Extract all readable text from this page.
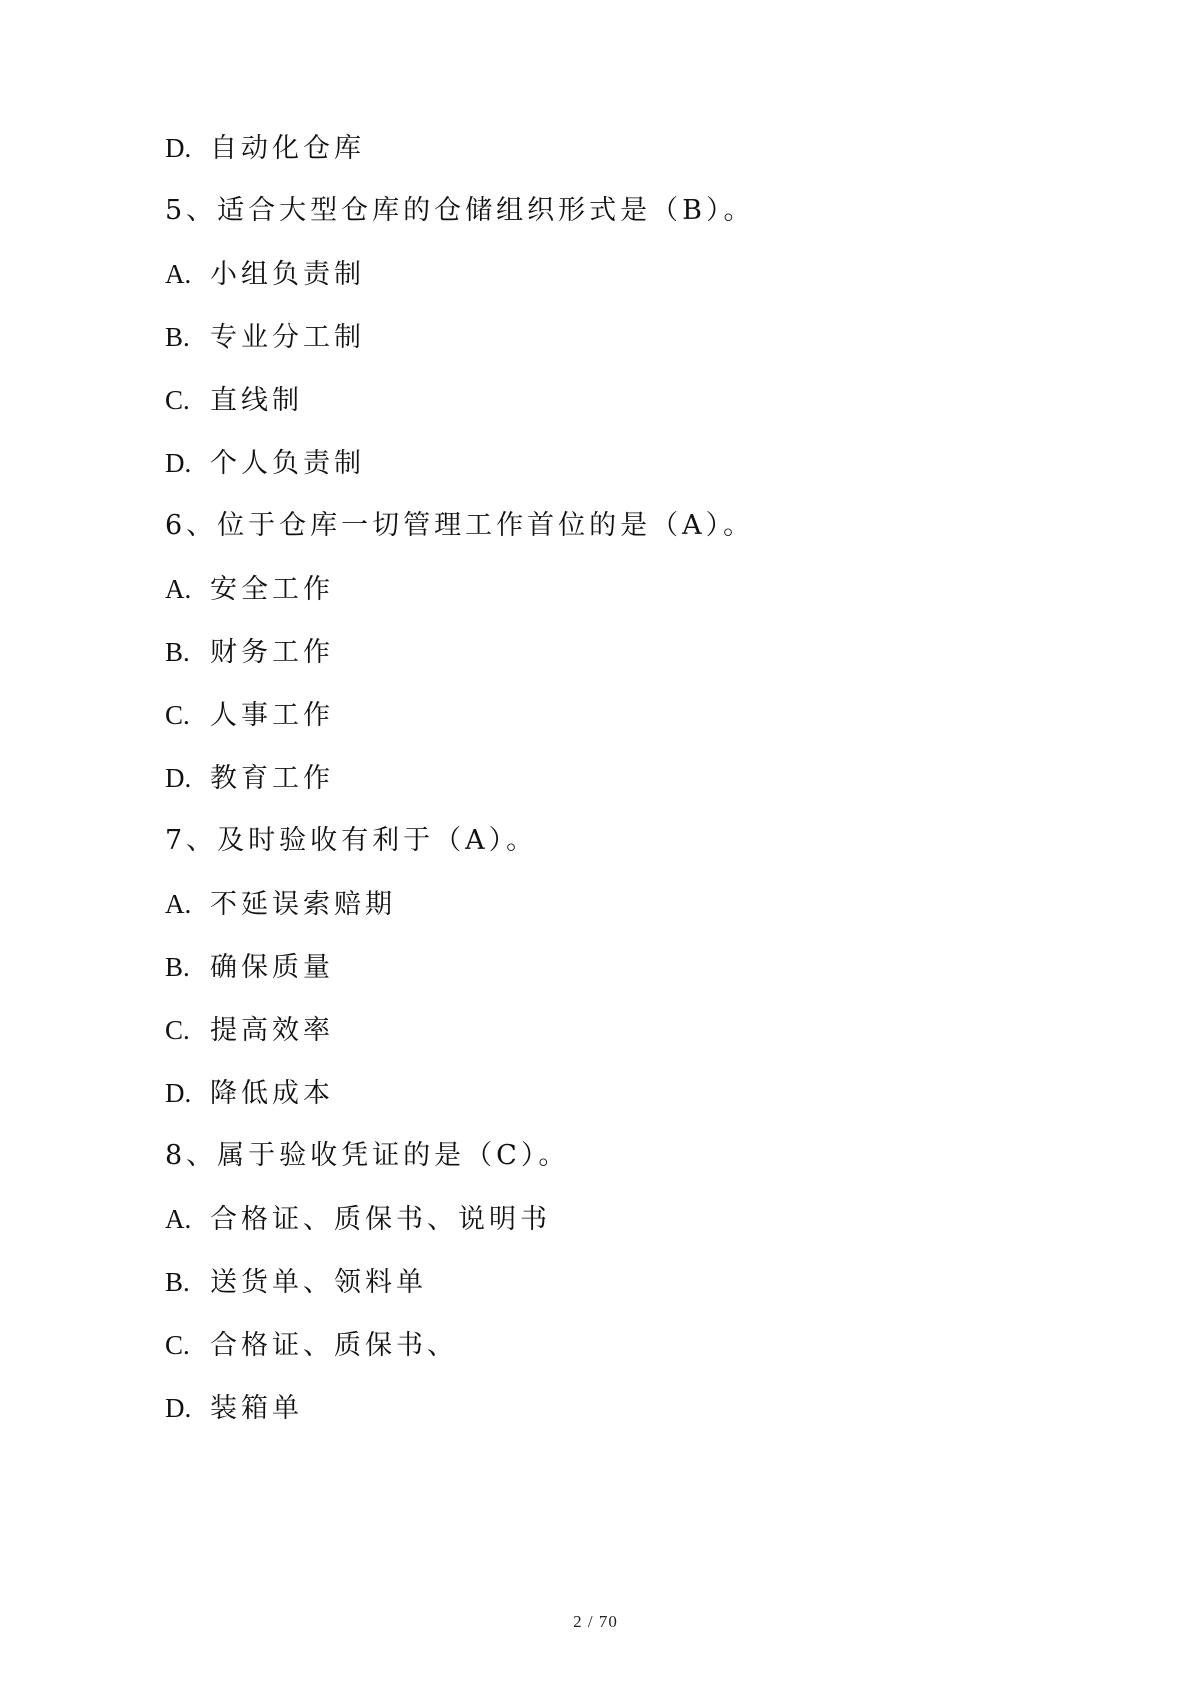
D. 自动化仓库
5、适合大型仓库的仓储组织形式是（B）。
A. 小组负责制
B. 专业分工制
C. 直线制
D. 个人负责制
6、位于仓库一切管理工作首位的是（A）。
A. 安全工作
B. 财务工作
C. 人事工作
D. 教育工作
7、及时验收有利于（A）。
A. 不延误索赔期
B. 确保质量
C. 提高效率
D. 降低成本
8、属于验收凭证的是（C）。
A. 合格证、质保书、说明书
B. 送货单、领料单
C. 合格证、质保书、
D. 装箱单
2 / 70
